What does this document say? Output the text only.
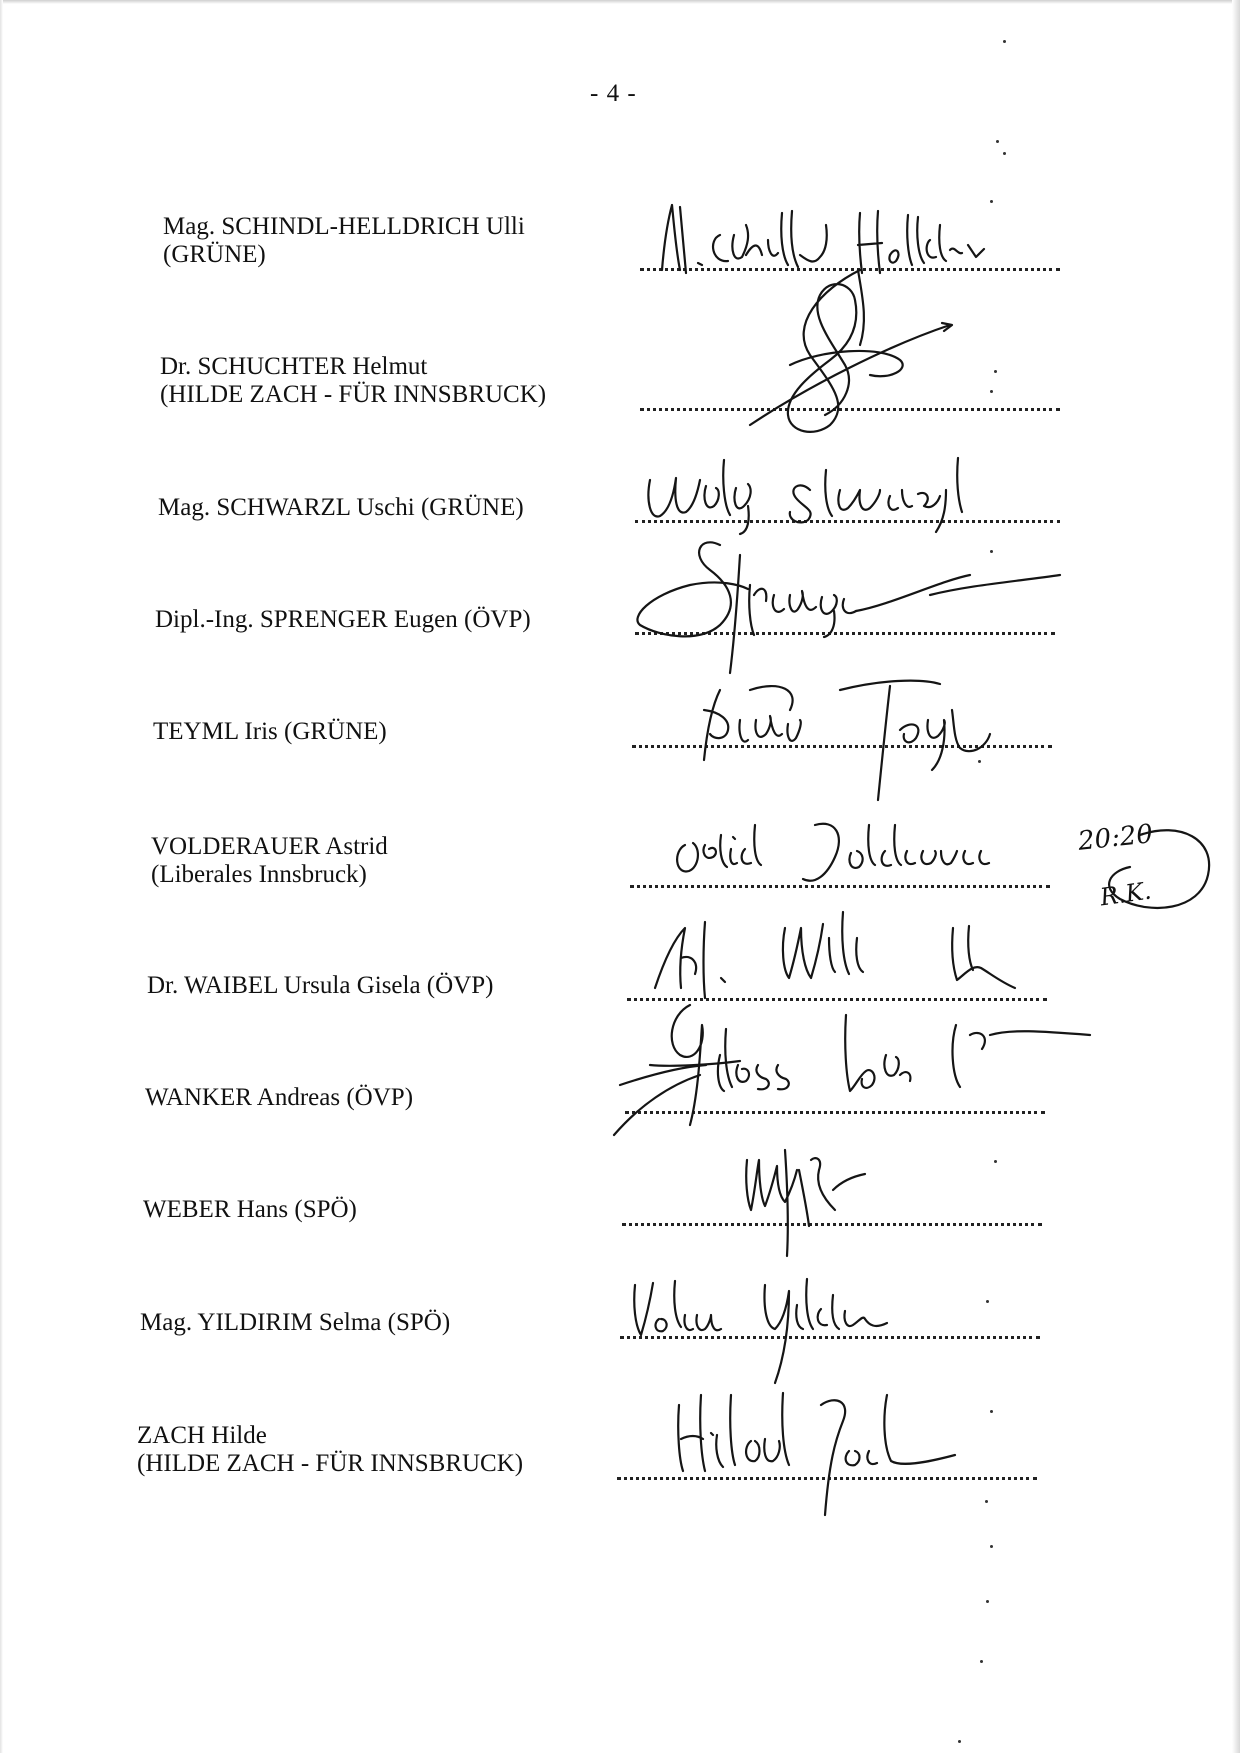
- 4 -
Mag. SCHINDL-HELLDRICH Ulli
(GRÜNE)
Dr. SCHUCHTER Helmut
(HILDE ZACH - FÜR INNSBRUCK)
Mag. SCHWARZL Uschi (GRÜNE)
Dipl.-Ing. SPRENGER Eugen (ÖVP)
TEYML Iris (GRÜNE)
VOLDERAUER Astrid
(Liberales Innsbruck)
Dr. WAIBEL Ursula Gisela (ÖVP)
WANKER Andreas (ÖVP)
WEBER Hans (SPÖ)
Mag. YILDIRIM Selma (SPÖ)
ZACH Hilde
(HILDE ZACH - FÜR INNSBRUCK)
20:20
R.K.
